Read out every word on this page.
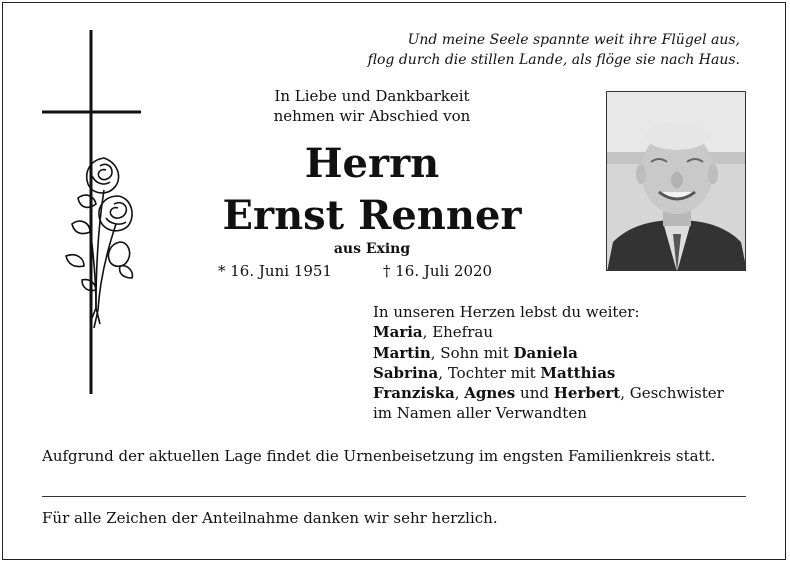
Und meine Seele spannte weit ihre Flügel aus,
flog durch die stillen Lande, als flöge sie nach Haus.
In Liebe und Dankbarkeit
nehmen wir Abschied von
Herrn
Ernst Renner
aus Exing
* 16. Juni 1951	† 16. Juli 2020
In unseren Herzen lebst du weiter:
Maria, Ehefrau
Martin, Sohn mit Daniela
Sabrina, Tochter mit Matthias
Franziska, Agnes und Herbert, Geschwister
im Namen aller Verwandten
Aufgrund der aktuellen Lage findet die Urnenbeisetzung im engsten Familienkreis statt.
Für alle Zeichen der Anteilnahme danken wir sehr herzlich.
